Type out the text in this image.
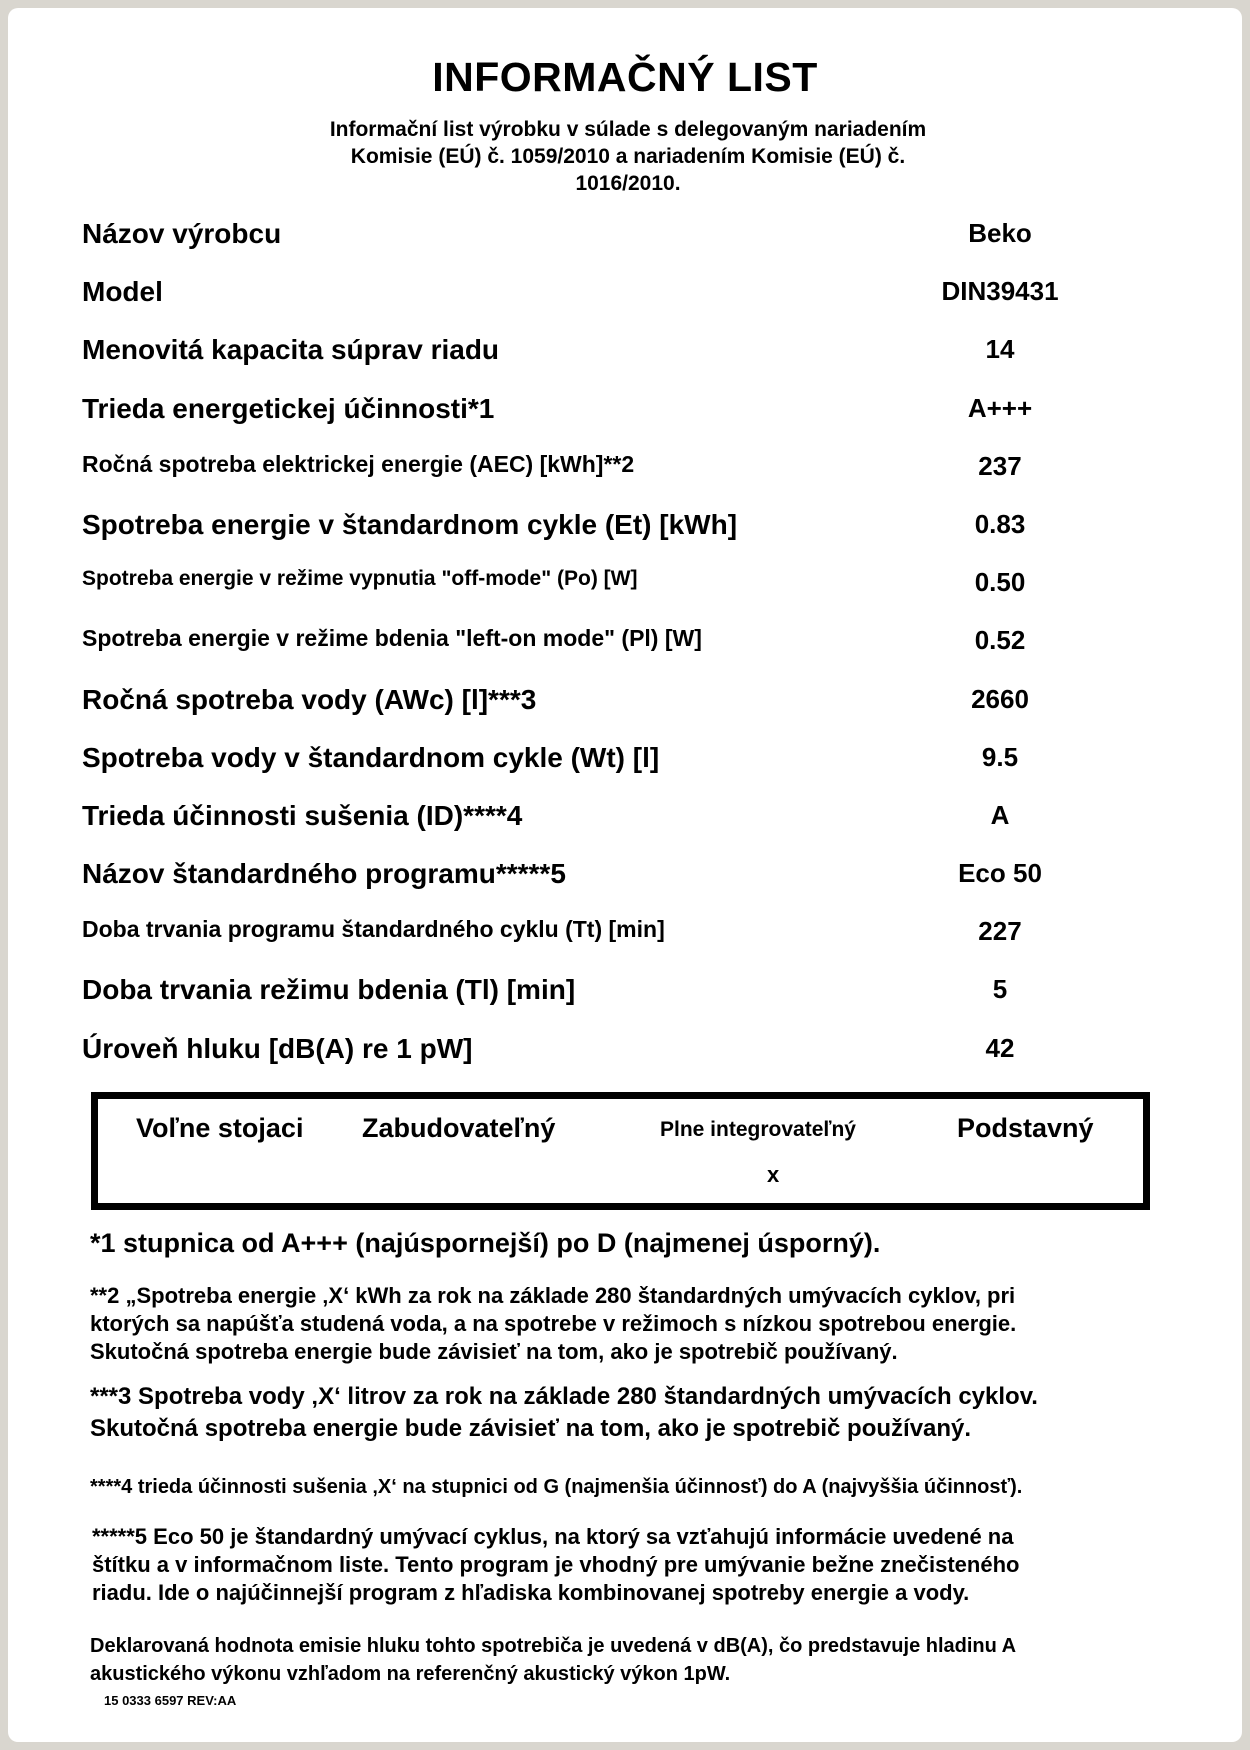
INFORMAČNÝ LIST
Informační list výrobku v súlade s delegovaným nariadením
Komisie (EÚ) č. 1059/2010 a nariadením Komisie (EÚ) č.
1016/2010.
Názov výrobcu	Beko
Model	DIN39431
Menovitá kapacita súprav riadu	14
Trieda energetickej účinnosti*1	A+++
Ročná spotreba elektrickej energie (AEC) [kWh]**2	237
Spotreba energie v štandardnom cykle (Et) [kWh]	0.83
Spotreba energie v režime vypnutia "off-mode" (Po) [W]	0.50
Spotreba energie v režime bdenia "left-on mode" (Pl) [W]	0.52
Ročná spotreba vody (AWc) [l]***3	2660
Spotreba vody v štandardnom cykle (Wt) [l]	9.5
Trieda účinnosti sušenia (ID)****4	A
Názov štandardného programu*****5	Eco 50
Doba trvania programu štandardného cyklu (Tt) [min]	227
Doba trvania režimu bdenia (Tl) [min]	5
Úroveň hluku [dB(A) re 1 pW]	42
Voľne stojaci Zabudovateľný	Plne integrovateľný	Podstavný
x
*1 stupnica od A+++ (najúspornejší) po D (najmenej úsporný).
**2 „Spotreba energie ‚X‘ kWh za rok na základe 280 štandardných umývacích cyklov, pri
ktorých sa napúšťa studená voda, a na spotrebe v režimoch s nízkou spotrebou energie.
Skutočná spotreba energie bude závisieť na tom, ako je spotrebič používaný.
***3 Spotreba vody ‚X‘ litrov za rok na základe 280 štandardných umývacích cyklov.
Skutočná spotreba energie bude závisieť na tom, ako je spotrebič používaný.
****4 trieda účinnosti sušenia ‚X‘ na stupnici od G (najmenšia účinnosť) do A (najvyššia účinnosť).
*****5 Eco 50 je štandardný umývací cyklus, na ktorý sa vzťahujú informácie uvedené na
štítku a v informačnom liste. Tento program je vhodný pre umývanie bežne znečisteného
riadu. Ide o najúčinnejší program z hľadiska kombinovanej spotreby energie a vody.
Deklarovaná hodnota emisie hluku tohto spotrebiča je uvedená v dB(A), čo predstavuje hladinu A
akustického výkonu vzhľadom na referenčný akustický výkon 1pW.
15 0333 6597 REV:AA
